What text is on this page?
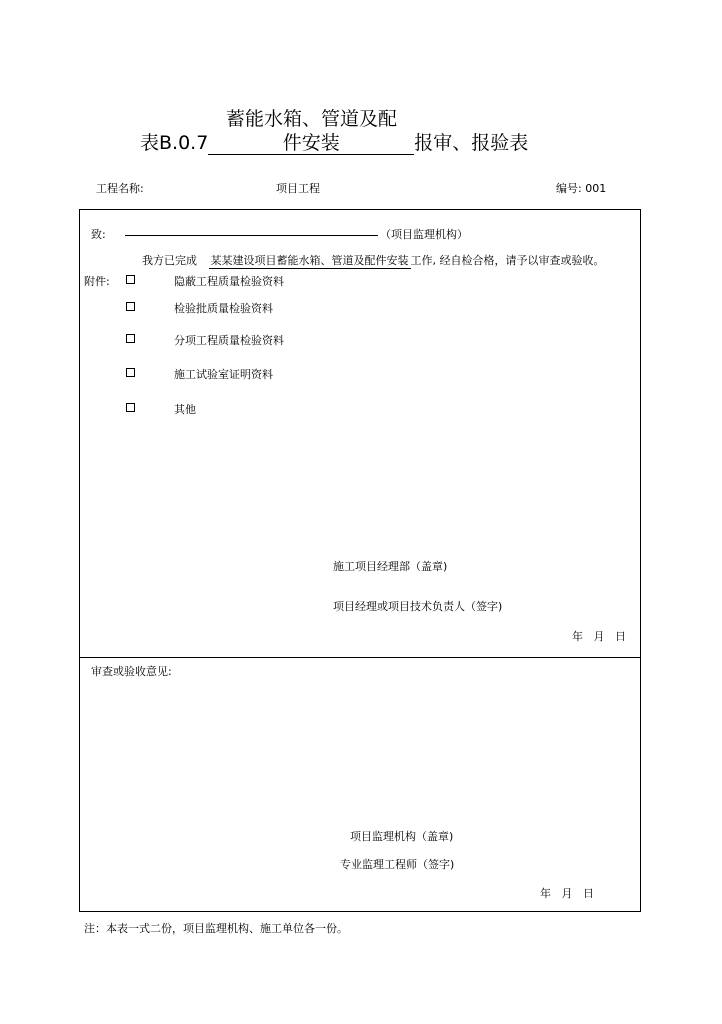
蓄能水箱、管道及配
表B.0.7	件安装	报审、报验表
工程名称:	项目工程	编号: 001
致:	（项目监理机构）
我方已完成 某某建设项目蓄能水箱、管道及配件安装 工作, 经自检合格，请予以审查或验收。
附件:	隐蔽工程质量检验资料
检验批质量检验资料
分项工程质量检验资料
施工试验室证明资料
其他
施工项目经理部（盖章)
项目经理或项目技术负责人（签字)
年   月   日
审查或验收意见:
项目监理机构（盖章)
专业监理工程师（签字)
年   月   日
注：本表一式二份，项目监理机构、施工单位各一份。
